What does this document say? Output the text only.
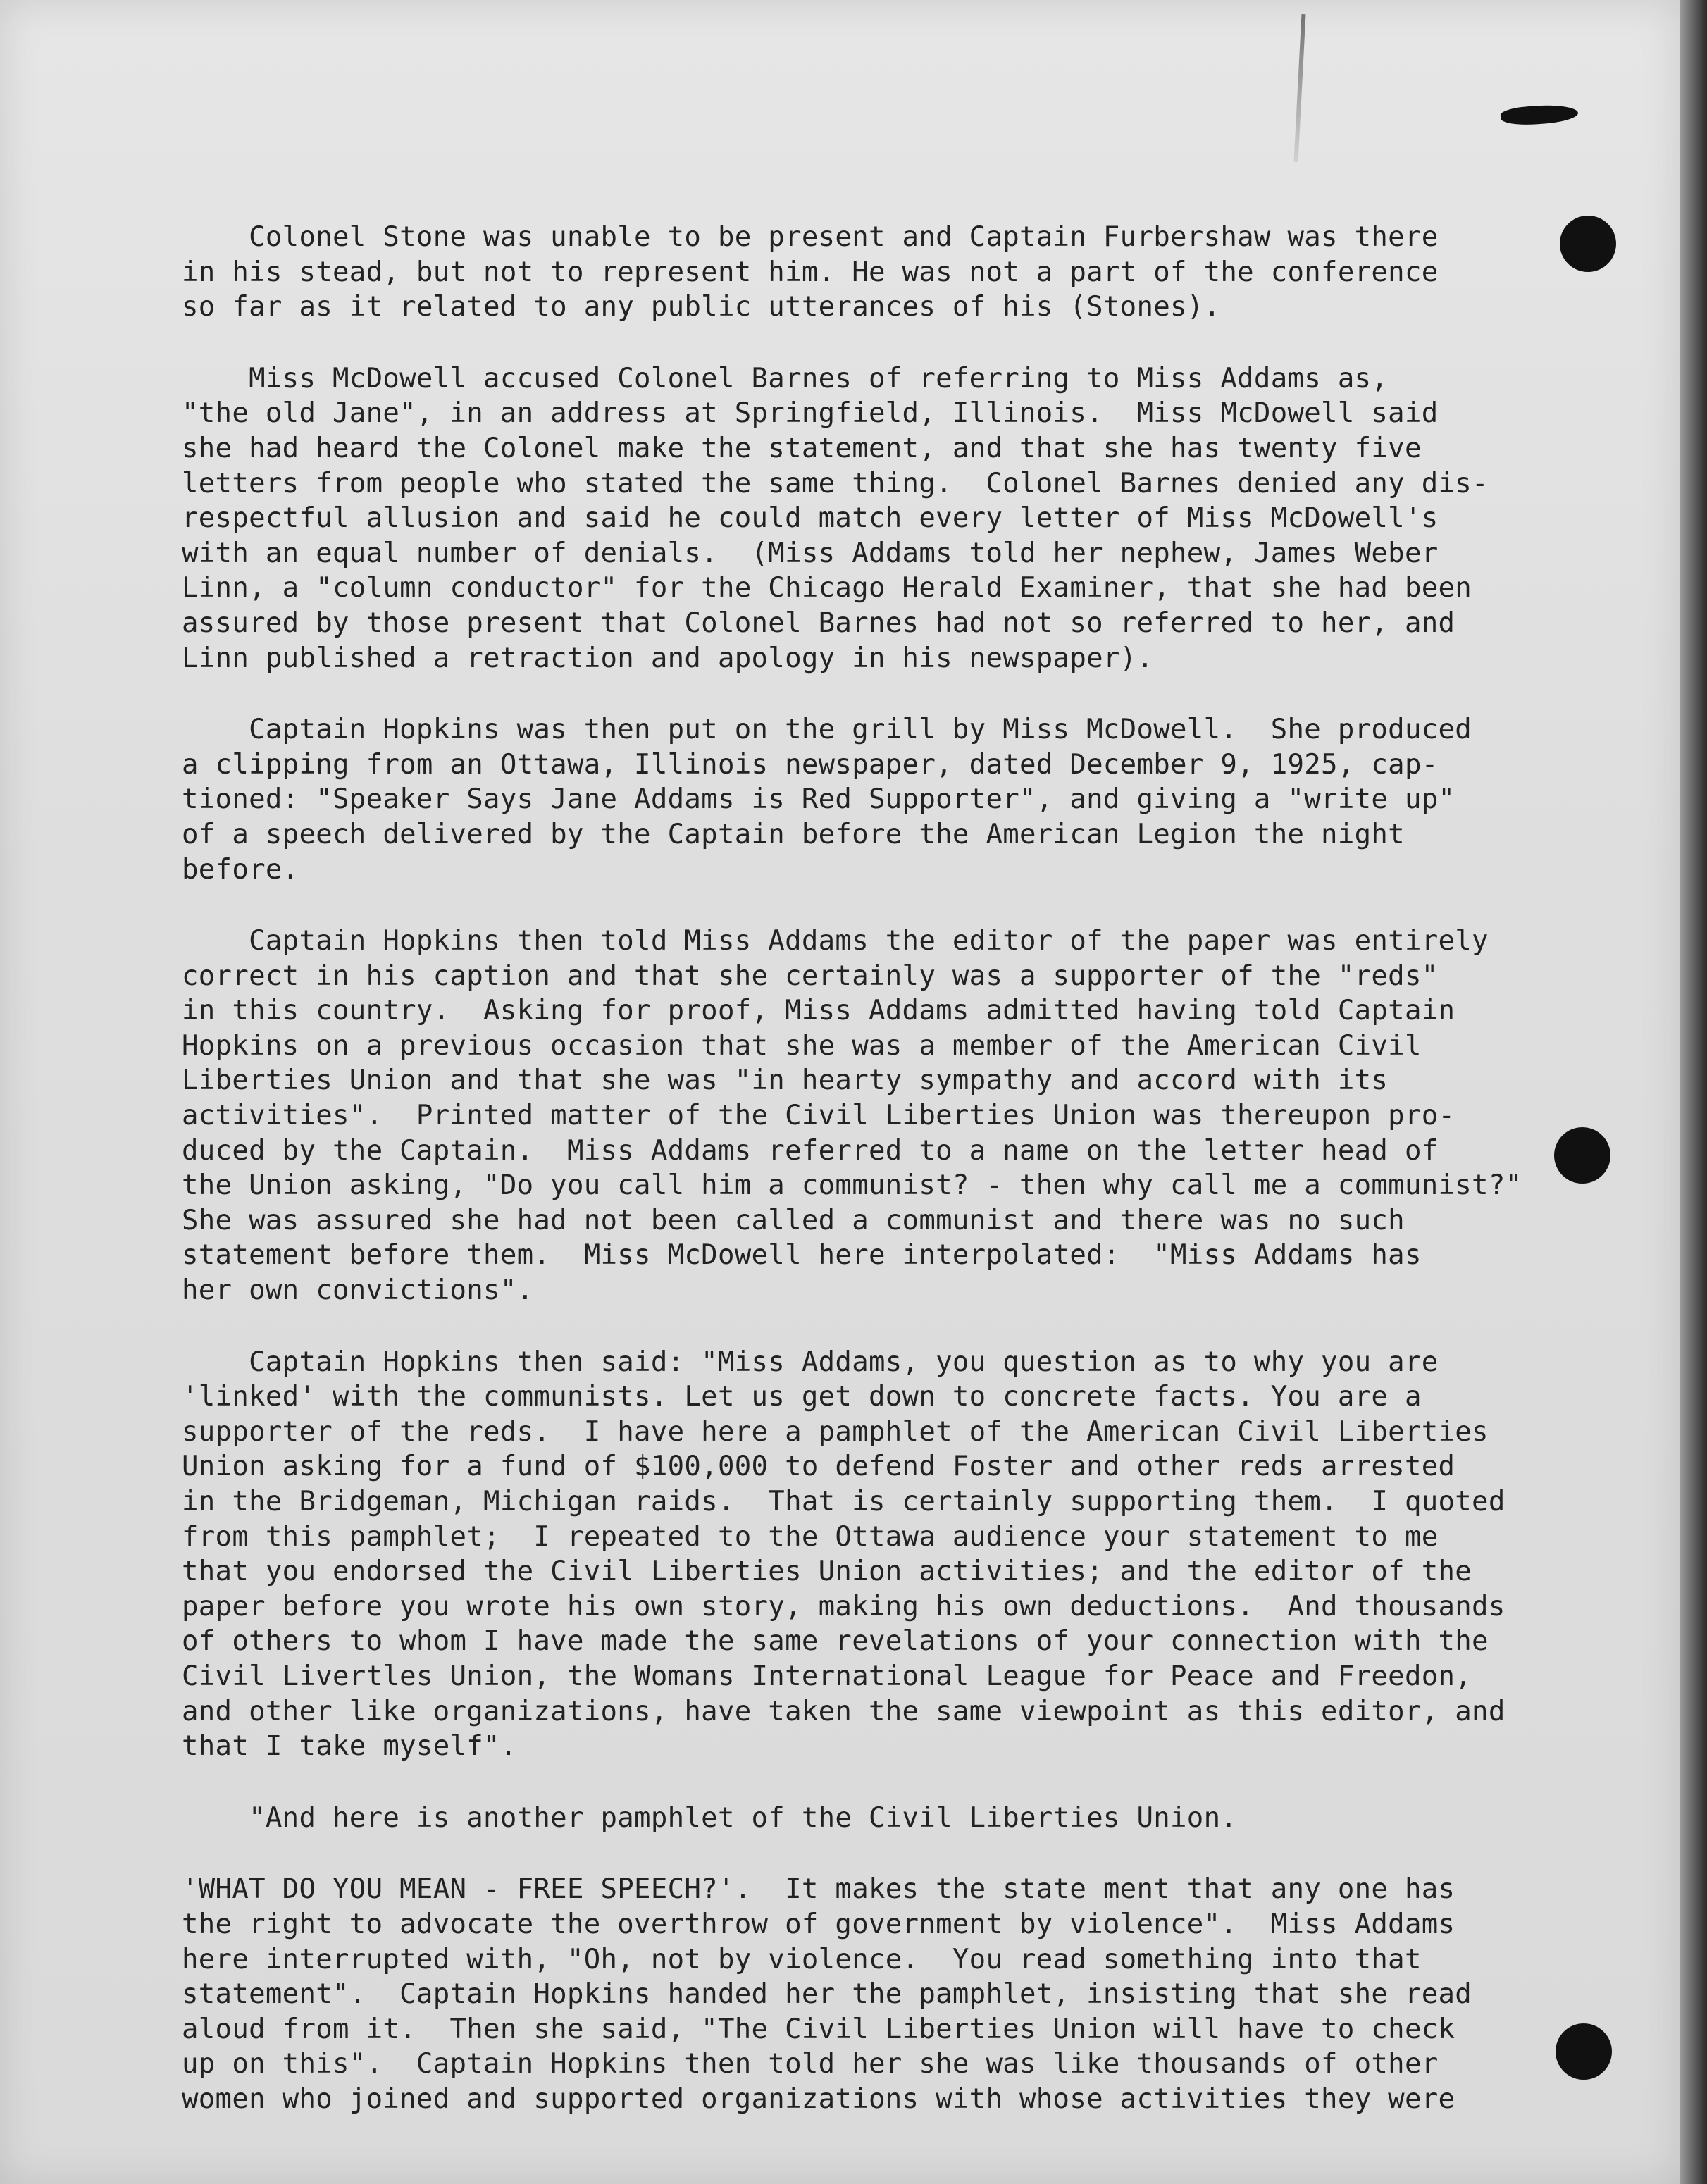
Colonel Stone was unable to be present and Captain Furbershaw was there
in his stead, but not to represent him. He was not a part of the conference
so far as it related to any public utterances of his (Stones).
Miss McDowell accused Colonel Barnes of referring to Miss Addams as,
"the old Jane", in an address at Springfield, Illinois.  Miss McDowell said
she had heard the Colonel make the statement, and that she has twenty five
letters from people who stated the same thing.  Colonel Barnes denied any dis-
respectful allusion and said he could match every letter of Miss McDowell's
with an equal number of denials.  (Miss Addams told her nephew, James Weber
Linn, a "column conductor" for the Chicago Herald Examiner, that she had been
assured by those present that Colonel Barnes had not so referred to her, and
Linn published a retraction and apology in his newspaper).
Captain Hopkins was then put on the grill by Miss McDowell.  She produced
a clipping from an Ottawa, Illinois newspaper, dated December 9, 1925, cap-
tioned: "Speaker Says Jane Addams is Red Supporter", and giving a "write up"
of a speech delivered by the Captain before the American Legion the night
before.
Captain Hopkins then told Miss Addams the editor of the paper was entirely
correct in his caption and that she certainly was a supporter of the "reds"
in this country.  Asking for proof, Miss Addams admitted having told Captain
Hopkins on a previous occasion that she was a member of the American Civil
Liberties Union and that she was "in hearty sympathy and accord with its
activities".  Printed matter of the Civil Liberties Union was thereupon pro-
duced by the Captain.  Miss Addams referred to a name on the letter head of
the Union asking, "Do you call him a communist? - then why call me a communist?"
She was assured she had not been called a communist and there was no such
statement before them.  Miss McDowell here interpolated:  "Miss Addams has
her own convictions".
Captain Hopkins then said: "Miss Addams, you question as to why you are
'linked' with the communists. Let us get down to concrete facts. You are a
supporter of the reds.  I have here a pamphlet of the American Civil Liberties
Union asking for a fund of $100,000 to defend Foster and other reds arrested
in the Bridgeman, Michigan raids.  That is certainly supporting them.  I quoted
from this pamphlet;  I repeated to the Ottawa audience your statement to me
that you endorsed the Civil Liberties Union activities; and the editor of the
paper before you wrote his own story, making his own deductions.  And thousands
of others to whom I have made the same revelations of your connection with the
Civil Livertles Union, the Womans International League for Peace and Freedon,
and other like organizations, have taken the same viewpoint as this editor, and
that I take myself".
"And here is another pamphlet of the Civil Liberties Union.
'WHAT DO YOU MEAN - FREE SPEECH?'.  It makes the state ment that any one has
the right to advocate the overthrow of government by violence".  Miss Addams
here interrupted with, "Oh, not by violence.  You read something into that
statement".  Captain Hopkins handed her the pamphlet, insisting that she read
aloud from it.  Then she said, "The Civil Liberties Union will have to check
up on this".  Captain Hopkins then told her she was like thousands of other
women who joined and supported organizations with whose activities they were
